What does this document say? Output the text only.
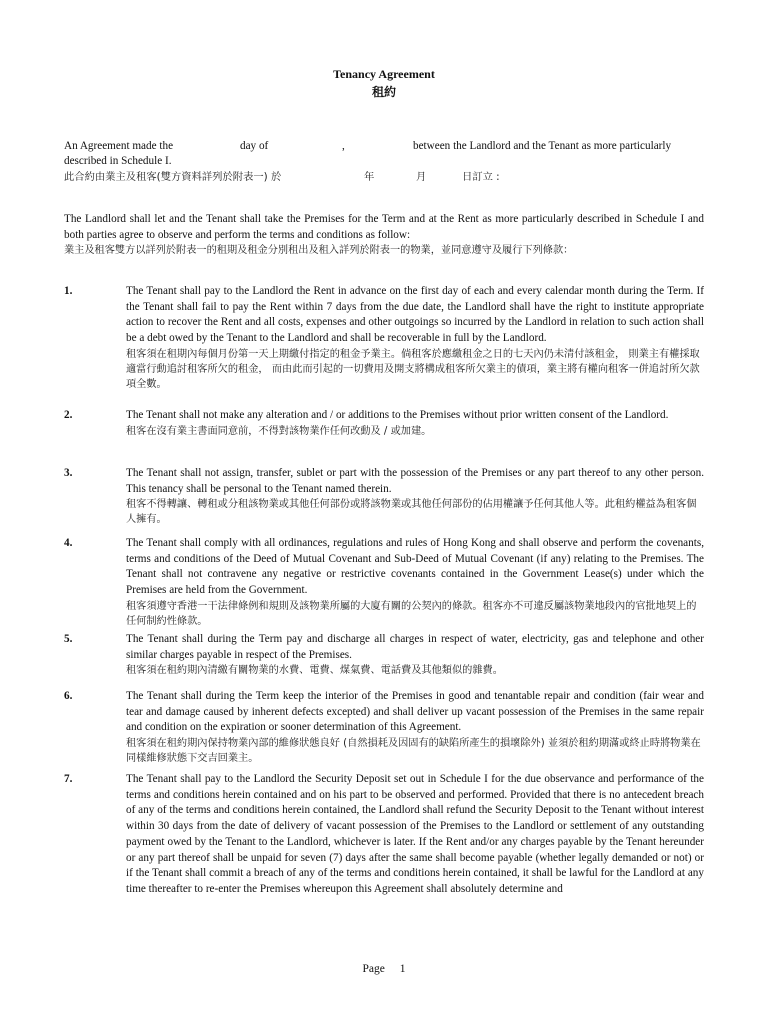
Tenancy Agreement
租約
An Agreement made the	day of	,	between the Landlord and the Tenant as more particularly
described in Schedule I.
此合約由業主及租客(雙方資料詳列於附表一) 於	年	月	日訂立 :

The Landlord shall let and the Tenant shall take the Premises for the Term and at the Rent as more particularly described in Schedule I and both parties agree to observe and perform the terms and conditions as follow:

業主及租客雙方以詳列於附表一的租期及租金分別租出及租入詳列於附表一的物業，並同意遵守及履行下列條款：

1.	The Tenant shall pay to the Landlord the Rent in advance on the first day of each and every calendar month during the Term. If the Tenant shall fail to pay the Rent within 7 days from the due date, the Landlord shall have the right to institute appropriate action to recover the Rent and all costs, expenses and other outgoings so incurred by the Landlord in relation to such action shall be a debt owed by the Tenant to the Landlord and shall be recoverable in full by the Landlord.

租客須在租期內每個月份第一天上期繳付指定的租金予業主。倘租客於應繳租金之日的七天內仍未清付該租金， 則業主有權採取適當行動追討租客所欠的租金， 而由此而引起的一切費用及開支將構成租客所欠業主的債項，業主將有權向租客一併追討所欠款項全數。

2.	The Tenant shall not make any alteration and / or additions to the Premises without prior written consent of the Landlord.

租客在沒有業主書面同意前，不得對該物業作任何改動及 / 或加建。

3.	The Tenant shall not assign, transfer, sublet or part with the possession of the Premises or any part thereof to any other person. This tenancy shall be personal to the Tenant named therein.

租客不得轉讓、轉租或分租該物業或其他任何部份或將該物業或其他任何部份的佔用權讓予任何其他人等。此租約權益為租客個人擁有。

4.	The Tenant shall comply with all ordinances, regulations and rules of Hong Kong and shall observe and perform the covenants, terms and conditions of the Deed of Mutual Covenant and Sub-Deed of Mutual Covenant (if any) relating to the Premises. The Tenant shall not contravene any negative or restrictive covenants contained in the Government Lease(s) under which the Premises are held from the Government.

租客須遵守香港一干法律條例和規則及該物業所屬的大廈有關的公契內的條款。租客亦不可違反屬該物業地段內的官批地契上的任何制約性條款。

5.	The Tenant shall during the Term pay and discharge all charges in respect of water, electricity, gas and telephone and other similar charges payable in respect of the Premises.

租客須在租約期內清繳有關物業的水費、電費、煤氣費、電話費及其他類似的雜費。

6.	The Tenant shall during the Term keep the interior of the Premises in good and tenantable repair and condition (fair wear and tear and damage caused by inherent defects excepted) and shall deliver up vacant possession of the Premises in the same repair and condition on the expiration or sooner determination of this Agreement.

租客須在租約期內保持物業內部的維修狀態良好 (自然損耗及因固有的缺陷所產生的損壞除外) 並須於租約期滿或終止時將物業在同樣維修狀態下交吉回業主。

7.	The Tenant shall pay to the Landlord the Security Deposit set out in Schedule I for the due observance and performance of the terms and conditions herein contained and on his part to be observed and performed. Provided that there is no antecedent breach of any of the terms and conditions herein contained, the Landlord shall refund the Security Deposit to the Tenant without interest within 30 days from the date of delivery of vacant possession of the Premises to the Landlord or settlement of any outstanding payment owed by the Tenant to the Landlord, whichever is later. If the Rent and/or any charges payable by the Tenant hereunder or any part thereof shall be unpaid for seven (7) days after the same shall become payable (whether legally demanded or not) or if the Tenant shall commit a breach of any of the terms and conditions herein contained, it shall be lawful for the Landlord at any time thereafter to re-enter the Premises whereupon this Agreement shall absolutely determine and

Page 1
